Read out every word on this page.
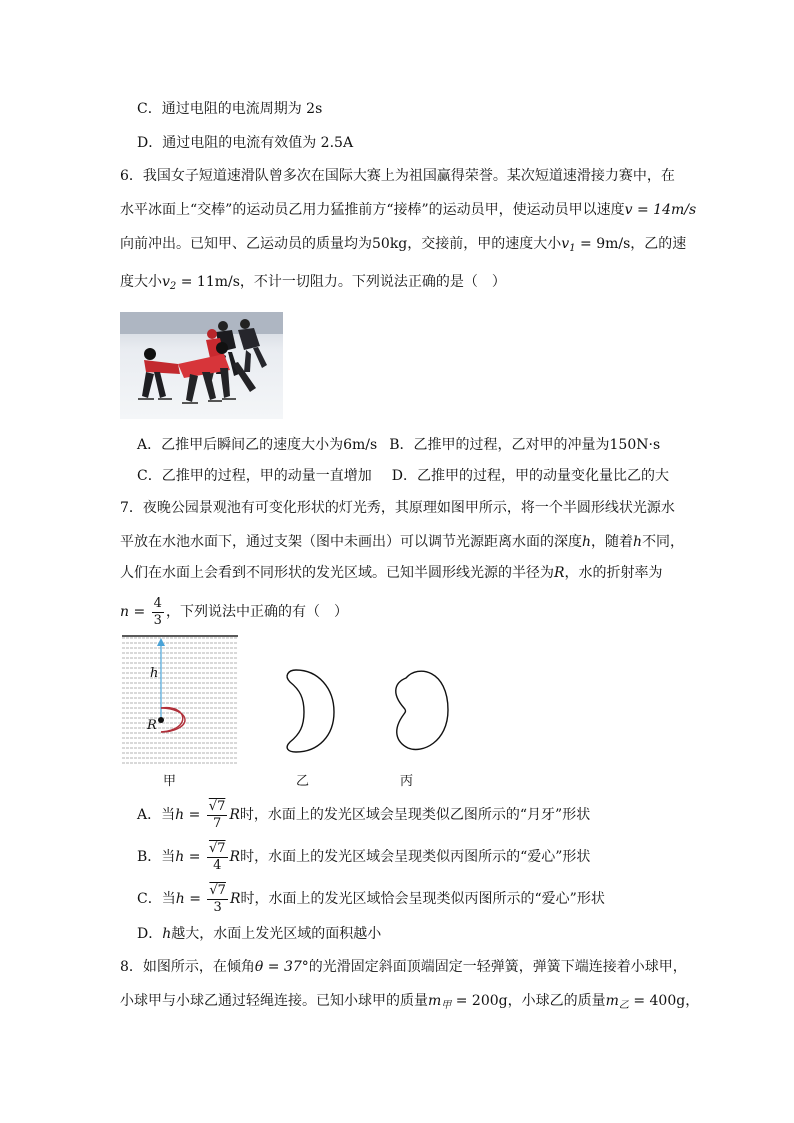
C．通过电阻的电流周期为 2s
D．通过电阻的电流有效值为 2.5A
6．我国女子短道速滑队曾多次在国际大赛上为祖国赢得荣誉。某次短道速滑接力赛中，在
水平冰面上“交棒”的运动员乙用力猛推前方“接棒”的运动员甲，使运动员甲以速度v = 14m/s
向前冲出。已知甲、乙运动员的质量均为50kg，交接前，甲的速度大小$v_1 = 9m/s$，乙的速
度大小$v_2 = 11m/s$，不计一切阻力。下列说法正确的是（　）
A．乙推甲后瞬间乙的速度大小为6m/s B．乙推甲的过程，乙对甲的冲量为150N·s
C．乙推甲的过程，甲的动量一直增加 D．乙推甲的过程，甲的动量变化量比乙的大
7．夜晚公园景观池有可变化形状的灯光秀，其原理如图甲所示，将一个半圆形线状光源水
平放在水池水面下，通过支架（图中未画出）可以调节光源距离水面的深度h，随着h不同，
人们在水面上会看到不同形状的发光区域。已知半圆形线光源的半径为R，水的折射率为
$n = \frac{4}{3}$ ，下列说法中正确的有（　）
h
R
甲	乙	丙
A．当$h = \frac{√7}{7}$ R时，水面上的发光区域会呈现类似乙图所示的“月牙”形状
B．当$h = \frac{√7}{4}$ R时，水面上的发光区域会呈现类似丙图所示的“爱心”形状
C．当$h = \frac{√7}{3}$ R时，水面上的发光区域恰会呈现类似丙图所示的“爱心”形状
D．h越大，水面上发光区域的面积越小
8．如图所示，在倾角θ = 37°的光滑固定斜面顶端固定一轻弹簧，弹簧下端连接着小球甲，
小球甲与小球乙通过轻绳连接。已知小球甲的质量$m_甲 = 200g$，小球乙的质量$m_乙 = 400g$，
